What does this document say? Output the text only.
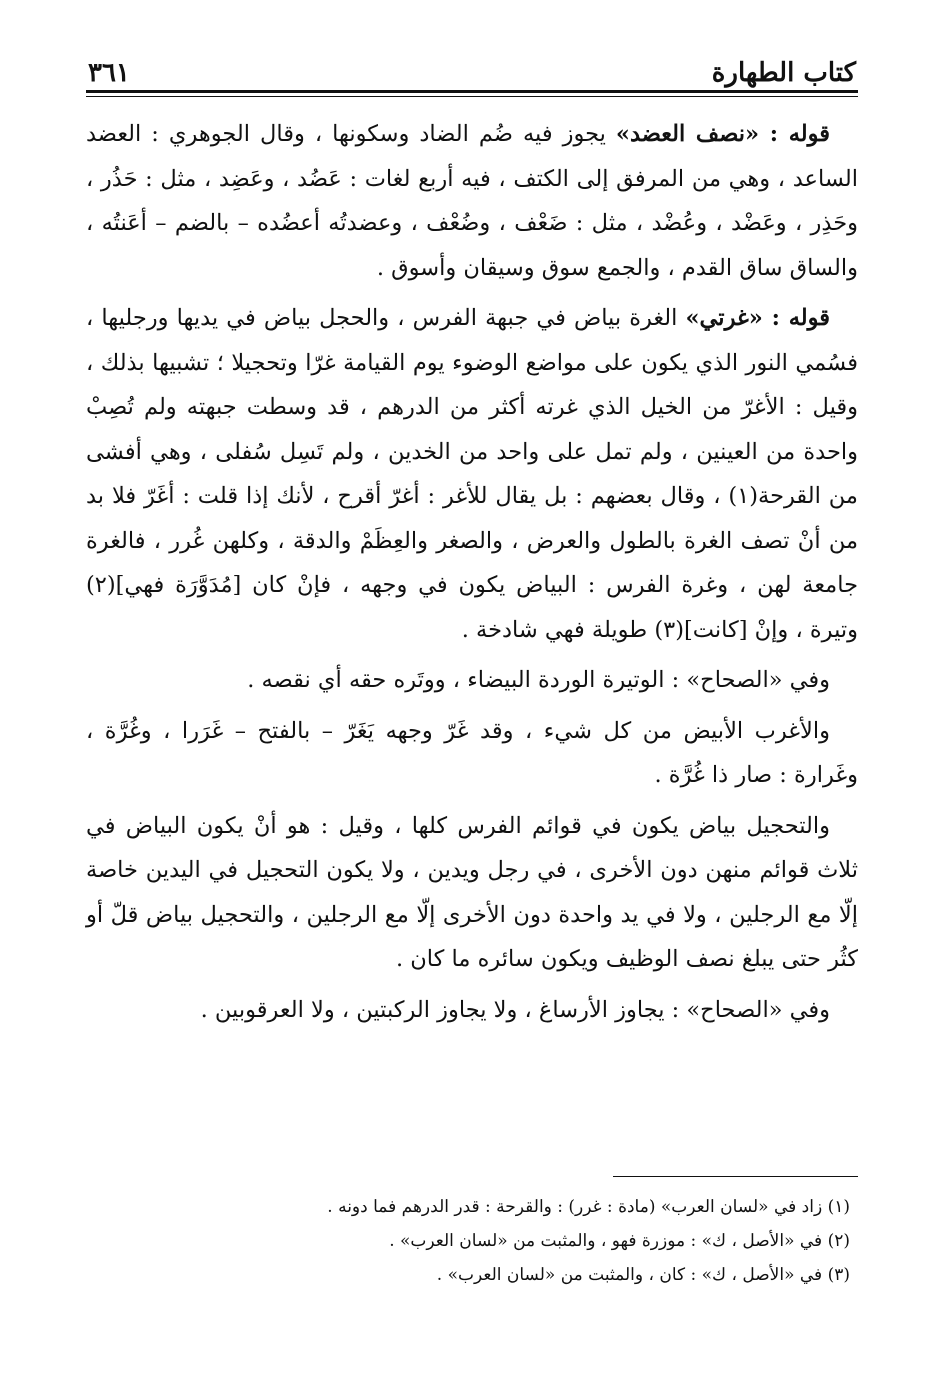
كتاب الطهارة
٣٦١

قوله : «نصف العضد» يجوز فيه ضُم الضاد وسكونها ، وقال الجوهري : العضد الساعد ، وهي من المرفق إلى الكتف ، فيه أربع لغات : عَضُد ، وعَضِد ، مثل : حَذُر ، وحَذِر ، وعَضْد ، وعُضْد ، مثل : ضَعْف ، وضُعْف ، وعضدتُه أعضُده – بالضم – أعَنتُه ، والساق ساق القدم ، والجمع سوق وسيقان وأسوق .

قوله : «غرتي» الغرة بياض في جبهة الفرس ، والحجل بياض في يديها ورجليها ، فسُمي النور الذي يكون على مواضع الوضوء يوم القيامة غرّا وتحجيلا ؛ تشبيها بذلك ، وقيل : الأغرّ من الخيل الذي غرته أكثر من الدرهم ، قد وسطت جبهته ولم تُصِبْ واحدة من العينين ، ولم تمل على واحد من الخدين ، ولم تَسِل سُفلى ، وهي أفشى من القرحة(١) ، وقال بعضهم : بل يقال للأغر : أغرّ أقرح ، لأنك إذا قلت : أغَرّ فلا بد من أنْ تصف الغرة بالطول والعرض ، والصغر والعِظَمْ والدقة ، وكلهن غُرر ، فالغرة جامعة لهن ، وغرة الفرس : البياض يكون في وجهه ، فإنْ كان [مُدَوَّرَة فهي](٢) وتيرة ، وإنْ [كانت](٣) طويلة فهي شادخة .

وفي «الصحاح» : الوتيرة الوردة البيضاء ، ووتَره حقه أي نقصه .

والأغرب الأبيض من كل شيء ، وقد غَرّ وجهه يَغَرّ – بالفتح – غَرَرا ، وغُرَّة ، وغَرارة : صار ذا غُرَّة .

والتحجيل بياض يكون في قوائم الفرس كلها ، وقيل : هو أنْ يكون البياض في ثلاث قوائم منهن دون الأخرى ، في رجل ويدين ، ولا يكون التحجيل في اليدين خاصة إلّا مع الرجلين ، ولا في يد واحدة دون الأخرى إلّا مع الرجلين ، والتحجيل بياض قلّ أو كثُر حتى يبلغ نصف الوظيف ويكون سائره ما كان .

وفي «الصحاح» : يجاوز الأرساغ ، ولا يجاوز الركبتين ، ولا العرقوبين .

(١) زاد في «لسان العرب» (مادة : غرر) : والقرحة : قدر الدرهم فما دونه .
(٢) في «الأصل ، ك» : موزرة فهو ، والمثبت من «لسان العرب» .
(٣) في «الأصل ، ك» : كان ، والمثبت من «لسان العرب» .
